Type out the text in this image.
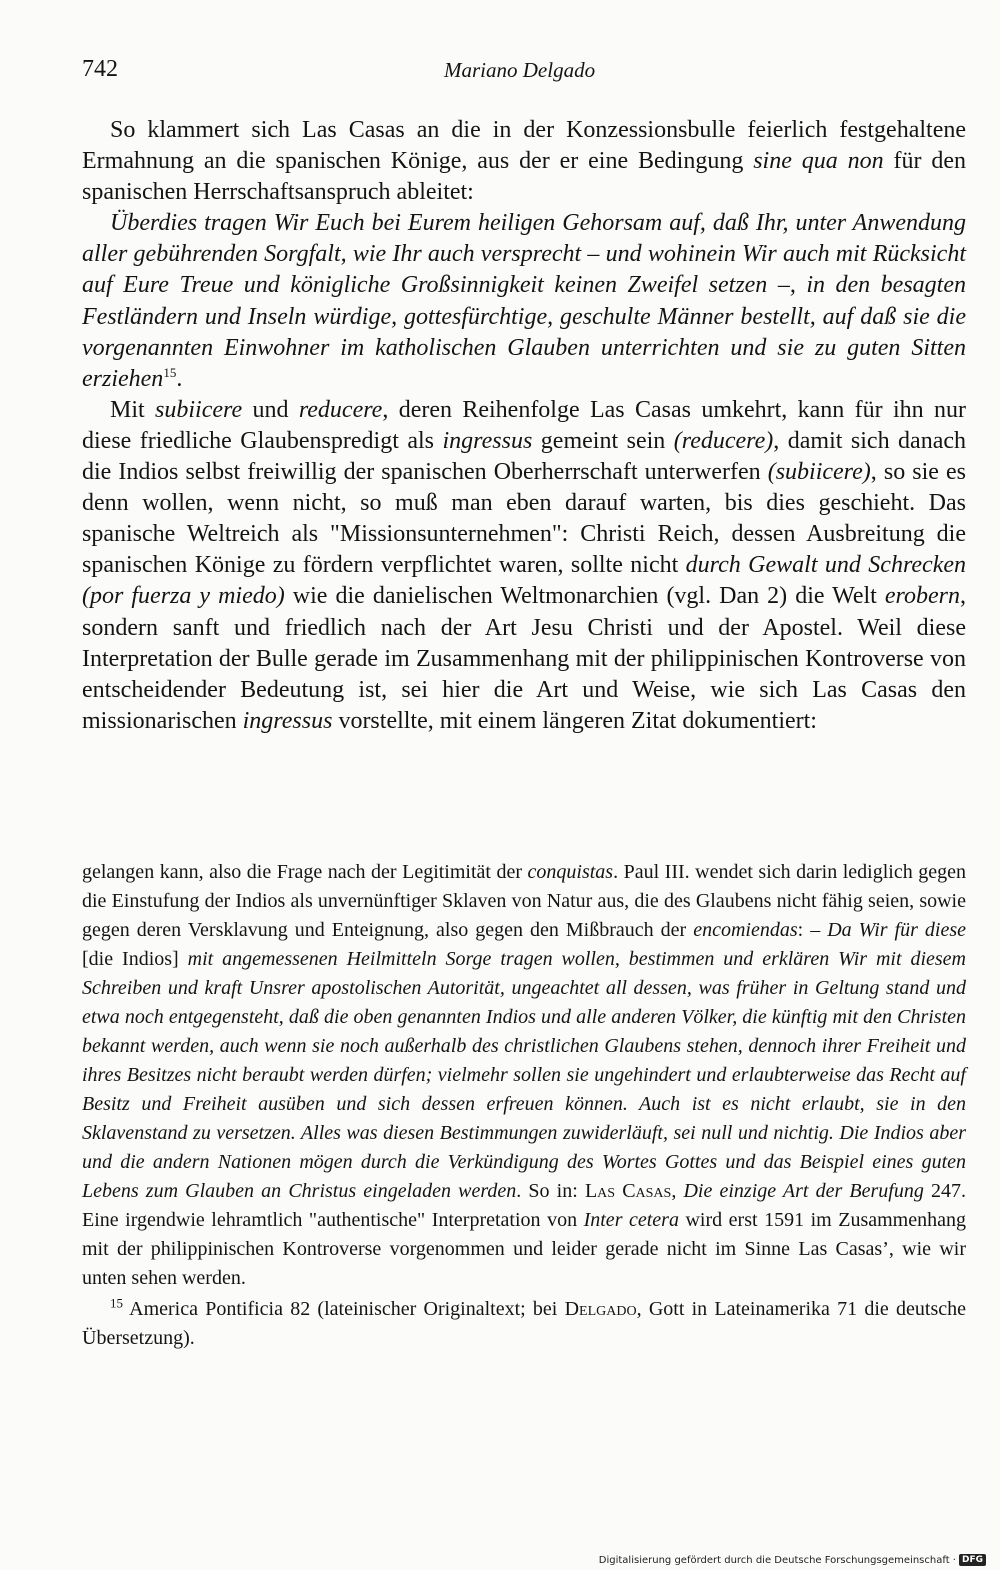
742	Mariano Delgado

So klammert sich Las Casas an die in der Konzessionsbulle feierlich festgehaltene Ermahnung an die spanischen Könige, aus der er eine Bedingung sine qua non für den spanischen Herrschaftsanspruch ableitet:

Überdies tragen Wir Euch bei Eurem heiligen Gehorsam auf, daß Ihr, unter Anwendung aller gebührenden Sorgfalt, wie Ihr auch versprecht – und wohinein Wir auch mit Rücksicht auf Eure Treue und königliche Großsinnigkeit keinen Zweifel setzen –, in den besagten Festländern und Inseln würdige, gottesfürchtige, geschulte Männer bestellt, auf daß sie die vorgenannten Einwohner im katholischen Glauben unterrichten und sie zu guten Sitten erziehen$^{15}$.

Mit subiicere und reducere, deren Reihenfolge Las Casas umkehrt, kann für ihn nur diese friedliche Glaubenspredigt als ingressus gemeint sein (reducere), damit sich danach die Indios selbst freiwillig der spanischen Oberherrschaft unterwerfen (subiicere), so sie es denn wollen, wenn nicht, so muß man eben darauf warten, bis dies geschieht. Das spanische Weltreich als "Missionsunternehmen": Christi Reich, dessen Ausbreitung die spanischen Könige zu fördern verpflichtet waren, sollte nicht durch Gewalt und Schrecken (por fuerza y miedo) wie die danielischen Weltmonarchien (vgl. Dan 2) die Welt erobern, sondern sanft und friedlich nach der Art Jesu Christi und der Apostel. Weil diese Interpretation der Bulle gerade im Zusammenhang mit der philippinischen Kontroverse von entscheidender Bedeutung ist, sei hier die Art und Weise, wie sich Las Casas den missionarischen ingressus vorstellte, mit einem längeren Zitat dokumentiert:

gelangen kann, also die Frage nach der Legitimität der conquistas. Paul III. wendet sich darin lediglich gegen die Einstufung der Indios als unvernünftiger Sklaven von Natur aus, die des Glaubens nicht fähig seien, sowie gegen deren Versklavung und Enteignung, also gegen den Mißbrauch der encomiendas: – Da Wir für diese [die Indios] mit angemessenen Heilmitteln Sorge tragen wollen, bestimmen und erklären Wir mit diesem Schreiben und kraft Unsrer apostolischen Autorität, ungeachtet all dessen, was früher in Geltung stand und etwa noch entgegensteht, daß die oben genannten Indios und alle anderen Völker, die künftig mit den Christen bekannt werden, auch wenn sie noch außerhalb des christlichen Glaubens stehen, dennoch ihrer Freiheit und ihres Besitzes nicht beraubt werden dürfen; vielmehr sollen sie ungehindert und erlaubterweise das Recht auf Besitz und Freiheit ausüben und sich dessen erfreuen können. Auch ist es nicht erlaubt, sie in den Sklavenstand zu versetzen. Alles was diesen Bestimmungen zuwiderläuft, sei null und nichtig. Die Indios aber und die andern Nationen mögen durch die Verkündigung des Wortes Gottes und das Beispiel eines guten Lebens zum Glauben an Christus eingeladen werden. So in: Las Casas, Die einzige Art der Berufung 247. Eine irgendwie lehramtlich "authentische" Interpretation von Inter cetera wird erst 1591 im Zusammenhang mit der philippinischen Kontroverse vorgenommen und leider gerade nicht im Sinne Las Casas’, wie wir unten sehen werden.

$^{15}$ America Pontificia 82 (lateinischer Originaltext; bei Delgado, Gott in Lateinamerika 71 die deutsche Übersetzung).

Digitalisierung gefördert durch die Deutsche Forschungsgemeinschaft · DFG
